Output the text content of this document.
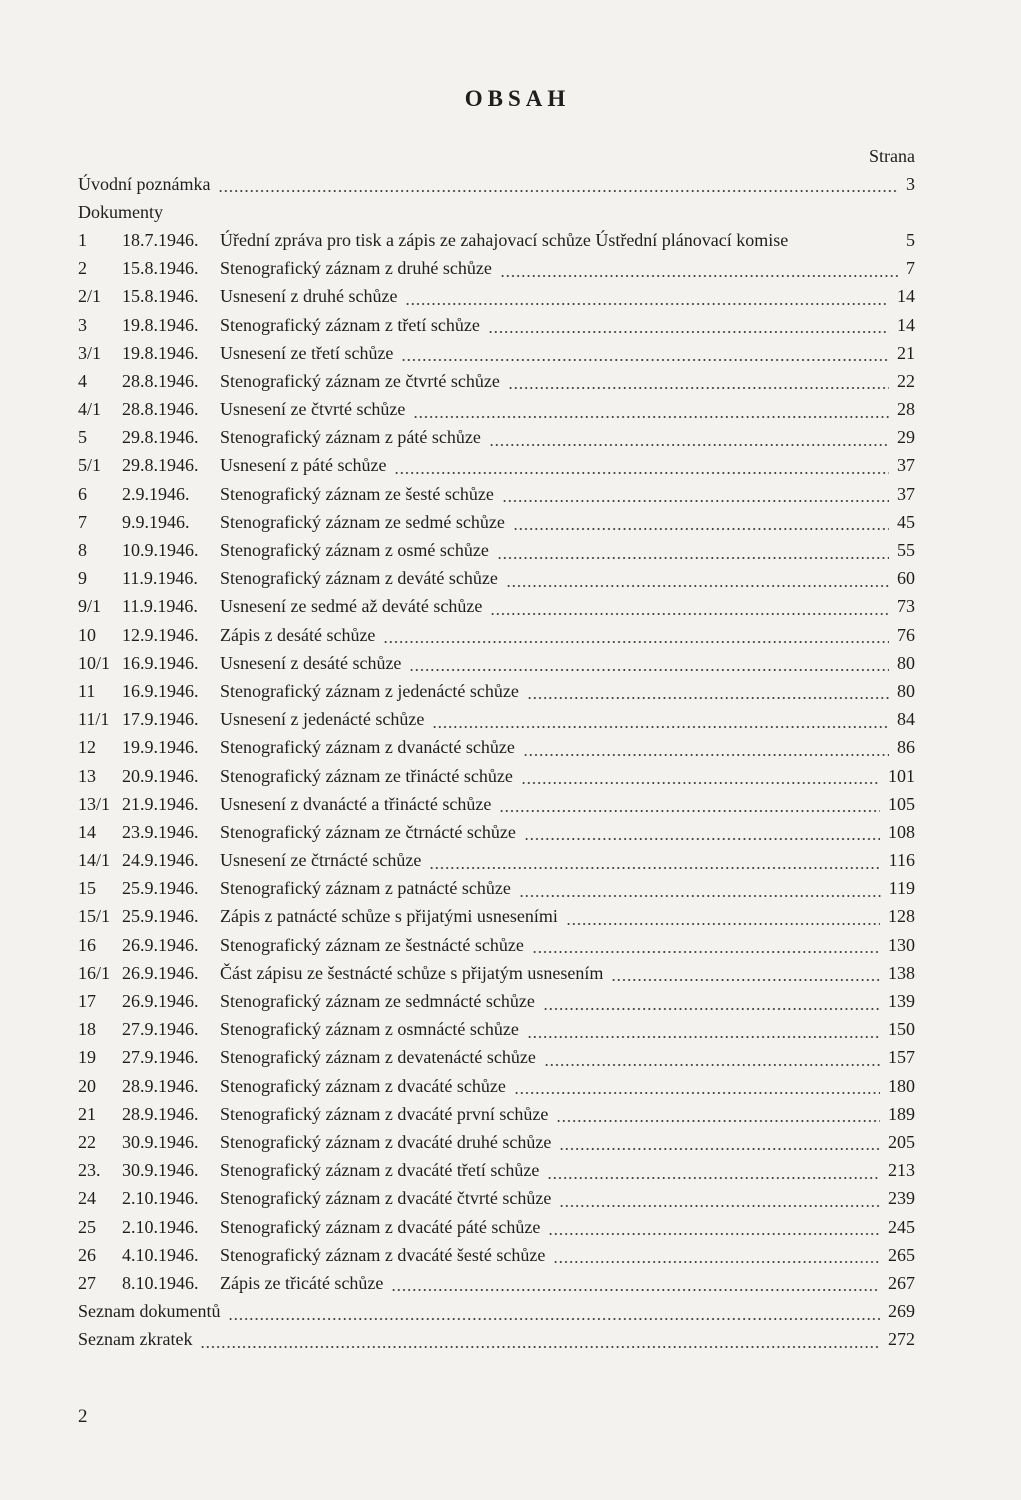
OBSAH
Strana
Úvodní poznámka	3
Dokumenty
1	18.7.1946.	Úřední zpráva pro tisk a zápis ze zahajovací schůze Ústřední plánovací komise	5
2	15.8.1946.	Stenografický záznam z druhé schůze	7
2/1	15.8.1946.	Usnesení z druhé schůze	14
3	19.8.1946.	Stenografický záznam z třetí schůze	14
3/1	19.8.1946.	Usnesení ze třetí schůze	21
4	28.8.1946.	Stenografický záznam ze čtvrté schůze	22
4/1	28.8.1946.	Usnesení ze čtvrté schůze	28
5	29.8.1946.	Stenografický záznam z páté schůze	29
5/1	29.8.1946.	Usnesení z páté schůze	37
6	2.9.1946.	Stenografický záznam ze šesté schůze	37
7	9.9.1946.	Stenografický záznam ze sedmé schůze	45
8	10.9.1946.	Stenografický záznam z osmé schůze	55
9	11.9.1946.	Stenografický záznam z deváté schůze	60
9/1	11.9.1946.	Usnesení ze sedmé až deváté schůze	73
10	12.9.1946.	Zápis z desáté schůze	76
10/1 16.9.1946.	Usnesení z desáté schůze	80
11	16.9.1946.	Stenografický záznam z jedenácté schůze	80
11/1 17.9.1946.	Usnesení z jedenácté schůze	84
12	19.9.1946.	Stenografický záznam z dvanácté schůze	86
13	20.9.1946.	Stenografický záznam ze třinácté schůze	101
13/1 21.9.1946.	Usnesení z dvanácté a třinácté schůze	105
14	23.9.1946.	Stenografický záznam ze čtrnácté schůze	108
14/1 24.9.1946.	Usnesení ze čtrnácté schůze	116
15	25.9.1946.	Stenografický záznam z patnácté schůze	119
15/1 25.9.1946.	Zápis z patnácté schůze s přijatými usneseními	128
16	26.9.1946.	Stenografický záznam ze šestnácté schůze	130
16/1 26.9.1946.	Část zápisu ze šestnácté schůze s přijatým usnesením	138
17	26.9.1946.	Stenografický záznam ze sedmnácté schůze	139
18	27.9.1946.	Stenografický záznam z osmnácté schůze	150
19	27.9.1946.	Stenografický záznam z devatenácté schůze	157
20	28.9.1946.	Stenografický záznam z dvacáté schůze	180
21	28.9.1946.	Stenografický záznam z dvacáté první schůze	189
22	30.9.1946.	Stenografický záznam z dvacáté druhé schůze	205
23.	30.9.1946.	Stenografický záznam z dvacáté třetí schůze	213
24	2.10.1946.	Stenografický záznam z dvacáté čtvrté schůze	239
25	2.10.1946.	Stenografický záznam z dvacáté páté schůze	245
26	4.10.1946.	Stenografický záznam z dvacáté šesté schůze	265
27	8.10.1946.	Zápis ze třicáté schůze	267
Seznam dokumentů	269
Seznam zkratek	272
2
